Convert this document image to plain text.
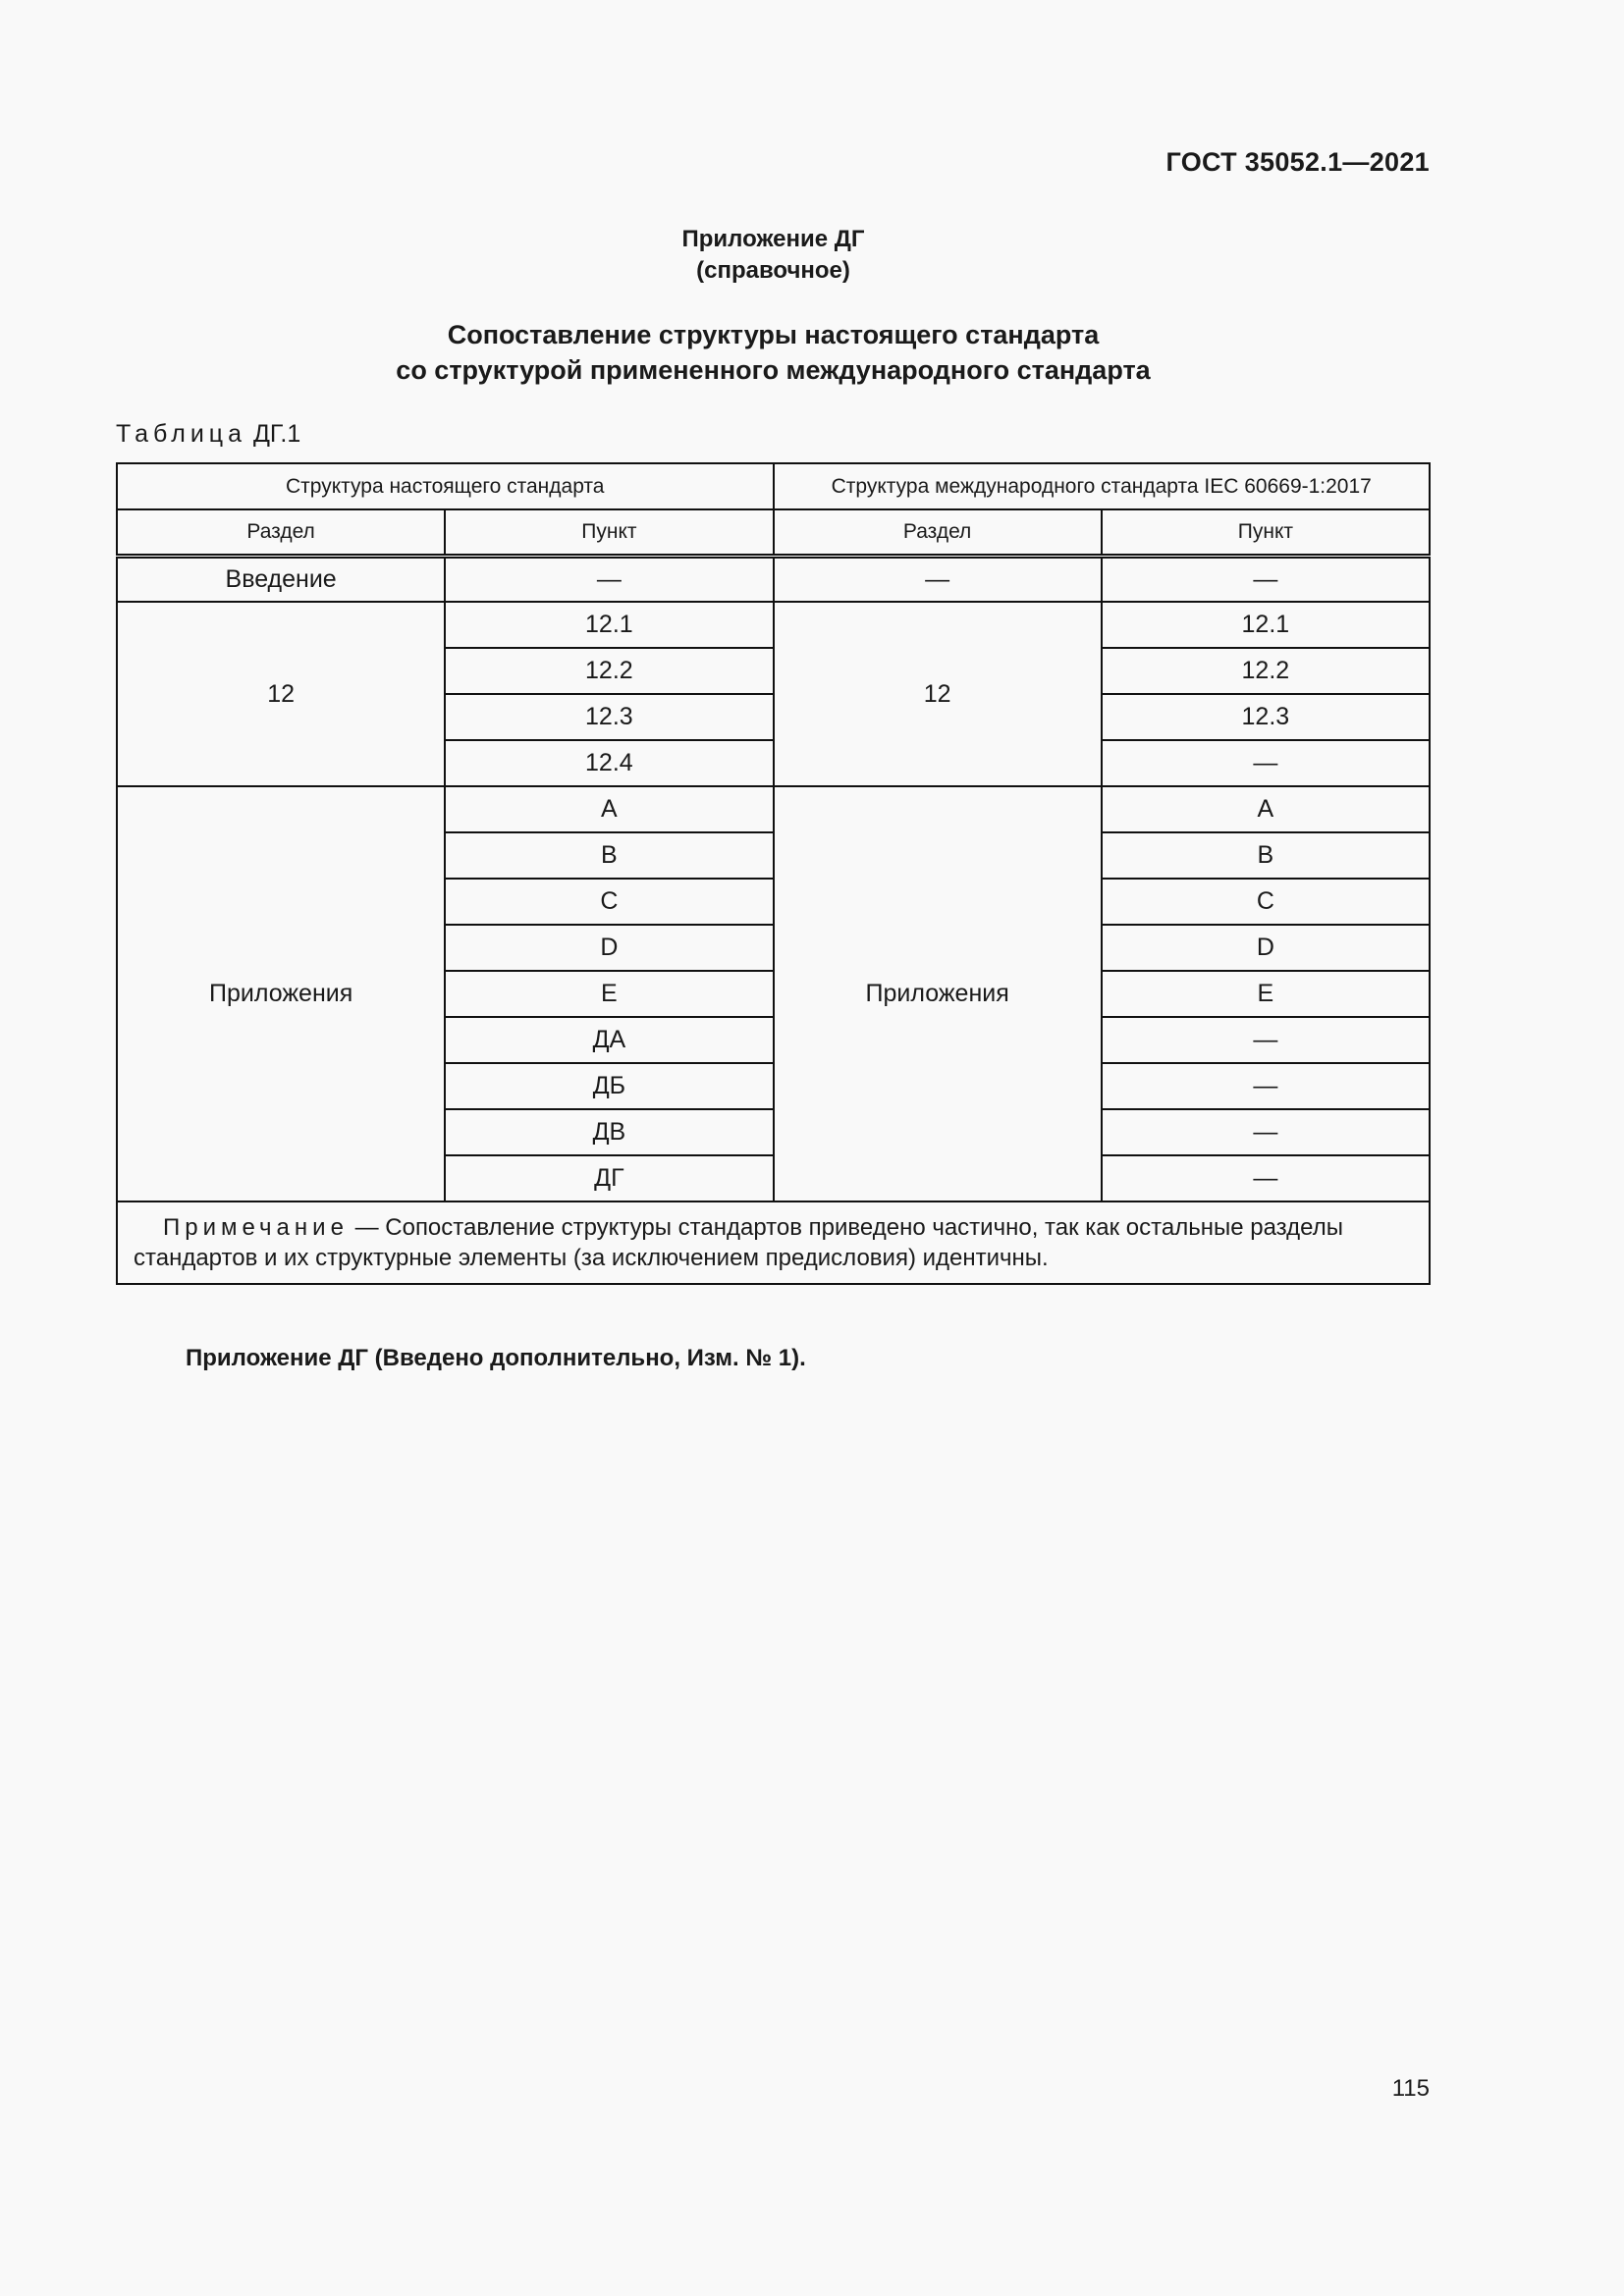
ГОСТ 35052.1—2021
Приложение ДГ
(справочное)
Сопоставление структуры настоящего стандарта
со структурой примененного международного стандарта
Таблица ДГ.1
Структура настоящего стандарта		Структура международного стандарта IEC 60669-1:2017	
Раздел	Пункт	Раздел	Пункт
Введение	—	—	—
12	12.1	12	12.1
	12.2		12.2
	12.3		12.3
	12.4		—
Приложения	А	Приложения	А
	В		В
	С		С
	D		D
	Е		Е
	ДА		—
	ДБ		—
	ДВ		—
	ДГ		—
Примечание — Сопоставление структуры стандартов приведено частично, так как остальные разделы стандартов и их структурные элементы (за исключением предисловия) идентичны.			
Приложение ДГ (Введено дополнительно, Изм. № 1).
115
